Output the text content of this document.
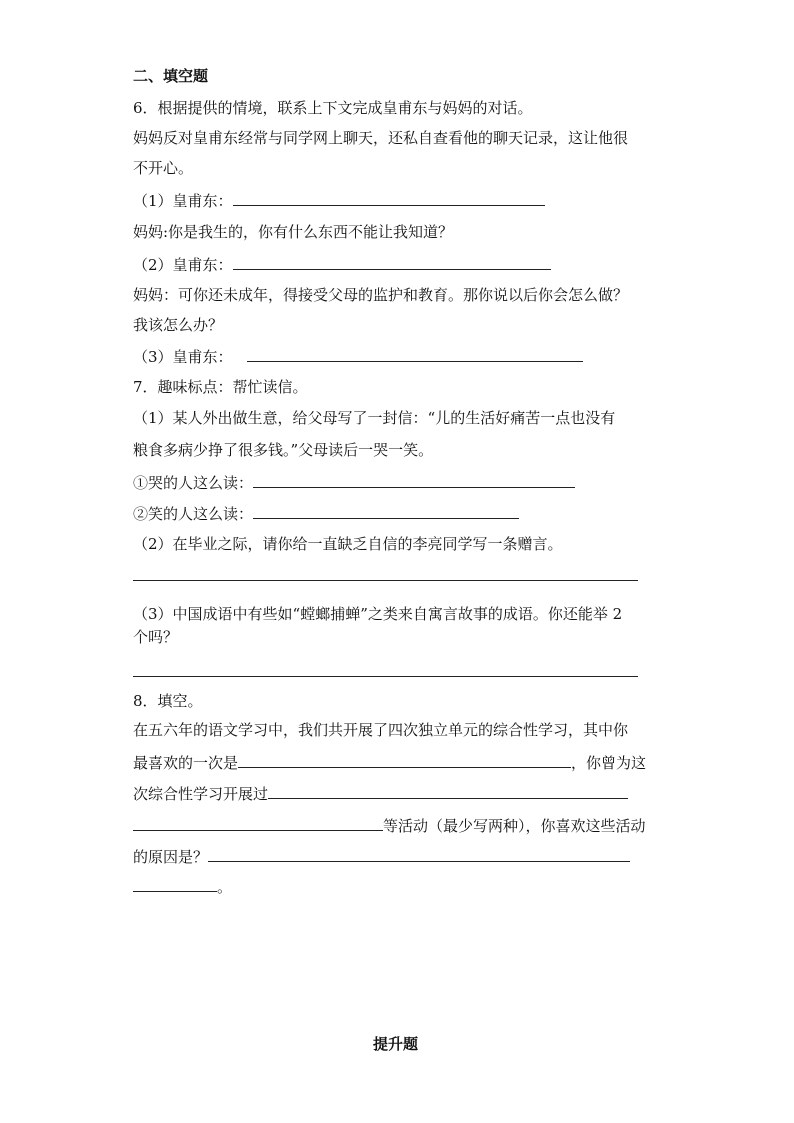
二、填空题
6．根据提供的情境，联系上下文完成皇甫东与妈妈的对话。
妈妈反对皇甫东经常与同学网上聊天，还私自查看他的聊天记录，这让他很
不开心。
（1）皇甫东：
妈妈:你是我生的，你有什么东西不能让我知道？
（2）皇甫东：
妈妈：可你还未成年，得接受父母的监护和教育。那你说以后你会怎么做？
我该怎么办？
（3）皇甫东：
7．趣味标点：帮忙读信。
（1）某人外出做生意，给父母写了一封信：“儿的生活好痛苦一点也没有
粮食多病少挣了很多钱。”父母读后一哭一笑。
①哭的人这么读：
②笑的人这么读：
（2）在毕业之际，请你给一直缺乏自信的李亮同学写一条赠言。
（3）中国成语中有些如“螳螂捕蝉”之类来自寓言故事的成语。你还能举 2
个吗？
8．填空。
在五六年的语文学习中，我们共开展了四次独立单元的综合性学习，其中你
最喜欢的一次是	，你曾为这
次综合性学习开展过
等活动（最少写两种），你喜欢这些活动
的原因是？
。
提升题
